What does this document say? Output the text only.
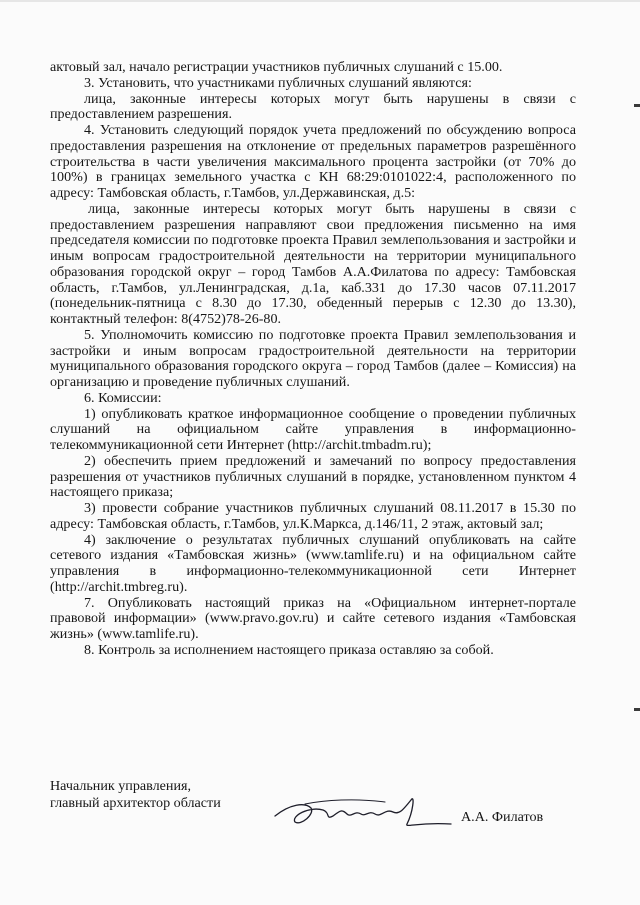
актовый зал, начало регистрации участников публичных слушаний с 15.00.

3. Установить, что участниками публичных слушаний являются:

лица, законные интересы которых могут быть нарушены в связи с предоставлением разрешения.

4. Установить следующий порядок учета предложений по обсуждению вопроса предоставления разрешения на отклонение от предельных параметров разрешённого строительства в части увеличения максимального процента застройки (от 70% до 100%) в границах земельного участка с КН 68:29:0101022:4, расположенного по адресу: Тамбовская область, г.Тамбов, ул.Державинская, д.5:

лица, законные интересы которых могут быть нарушены в связи с предоставлением разрешения направляют свои предложения письменно на имя председателя комиссии по подготовке проекта Правил землепользования и застройки и иным вопросам градостроительной деятельности на территории муниципального образования городской округ – город Тамбов А.А.Филатова по адресу: Тамбовская область, г.Тамбов, ул.Ленинградская, д.1а, каб.331 до 17.30 часов 07.11.2017 (понедельник-пятница с 8.30 до 17.30, обеденный перерыв с 12.30 до 13.30), контактный телефон: 8(4752)78-26-80.

5. Уполномочить комиссию по подготовке проекта Правил землепользования и застройки и иным вопросам градостроительной деятельности на территории муниципального образования городского округа – город Тамбов (далее – Комиссия) на организацию и проведение публичных слушаний.

6. Комиссии:

1) опубликовать краткое информационное сообщение о проведении публичных слушаний на официальном сайте управления в информационно-телекоммуникационной сети Интернет (http://archit.tmbadm.ru);

2) обеспечить прием предложений и замечаний по вопросу предоставления разрешения от участников публичных слушаний в порядке, установленном пунктом 4 настоящего приказа;

3) провести собрание участников публичных слушаний 08.11.2017 в 15.30 по адресу: Тамбовская область, г.Тамбов, ул.К.Маркса, д.146/11, 2 этаж, актовый зал;

4) заключение о результатах публичных слушаний опубликовать на сайте сетевого издания «Тамбовская жизнь» (www.tamlife.ru) и на официальном сайте управления в информационно-телекоммуникационной сети Интернет (http://archit.tmbreg.ru).

7. Опубликовать настоящий приказ на «Официальном интернет-портале правовой информации» (www.pravo.gov.ru) и сайте сетевого издания «Тамбовская жизнь» (www.tamlife.ru).

8. Контроль за исполнением настоящего приказа оставляю за собой.

Начальник управления,
главный архитектор области
А.А. Филатов
